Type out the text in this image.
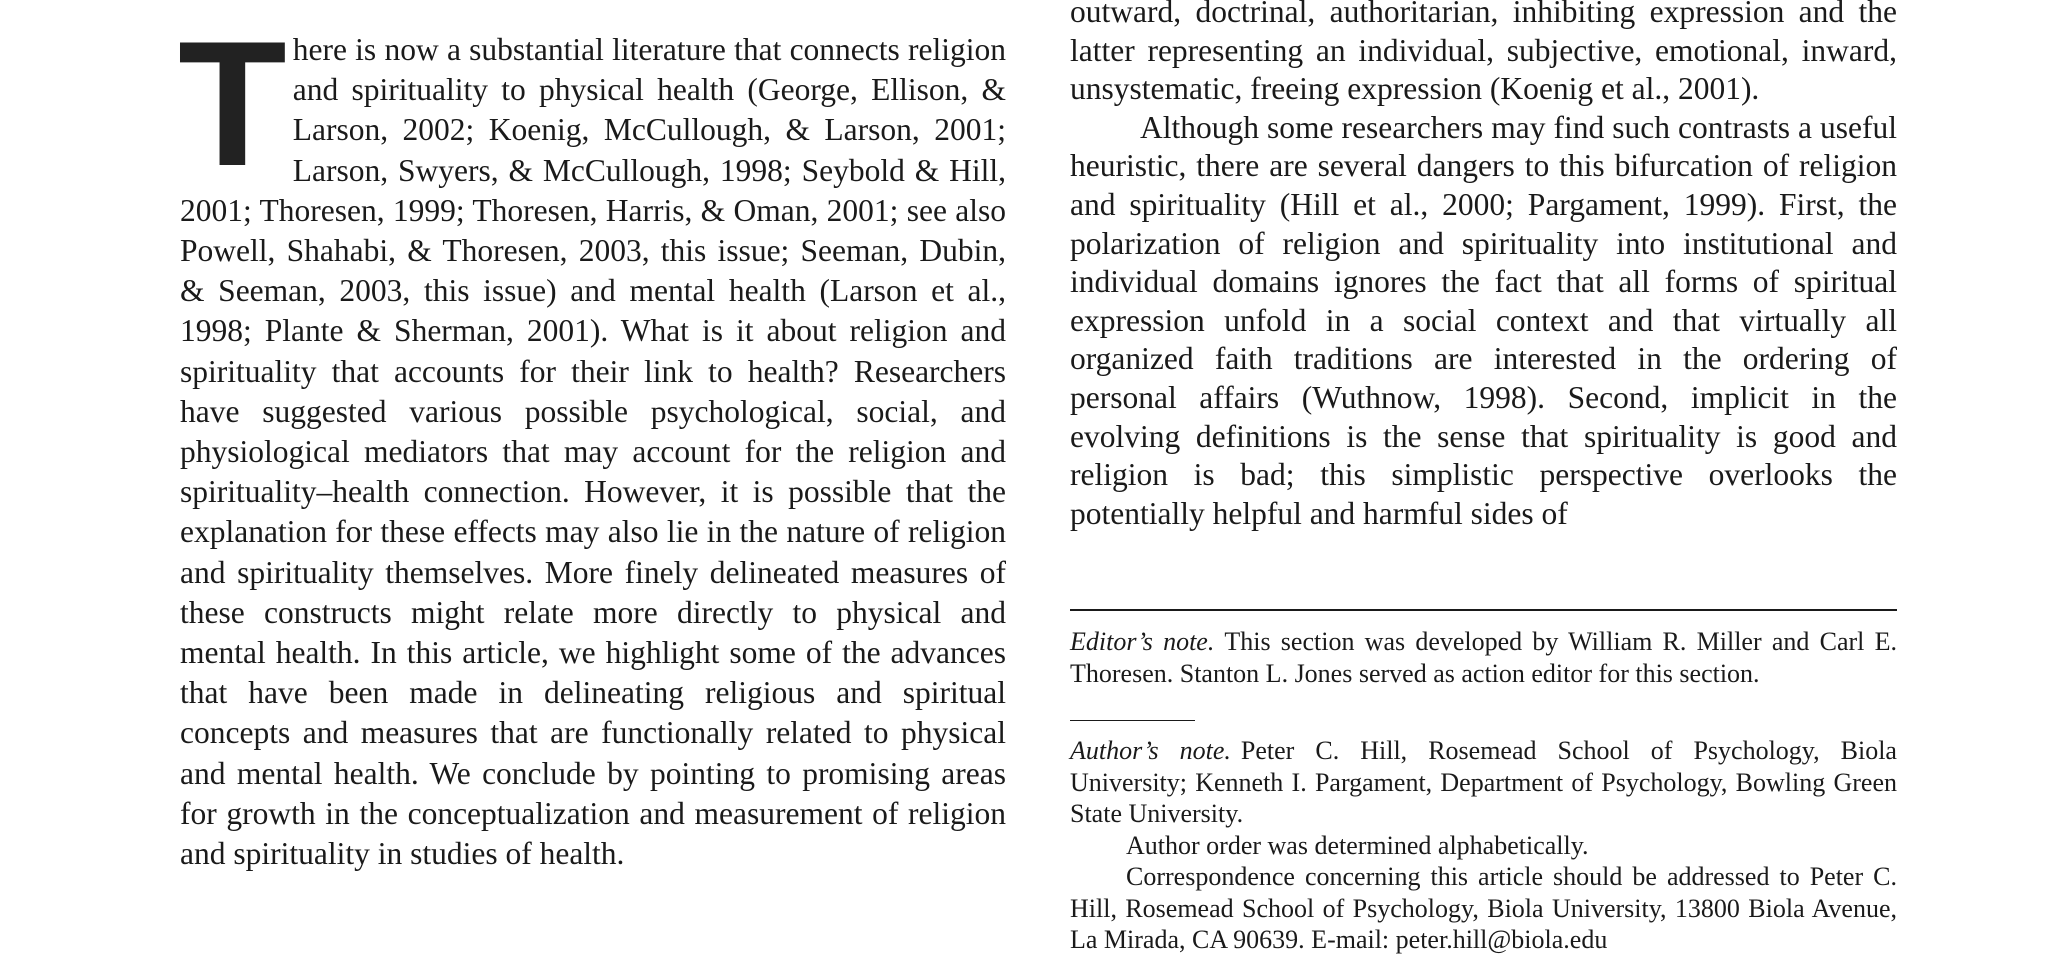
T here is now a substantial literature that connects religion and spirituality to physical health (George, Ellison, & Larson, 2002; Koenig, McCullough, & Larson, 2001; Larson, Swyers, & McCullough, 1998; Seybold & Hill, 2001; Thoresen, 1999; Thoresen, Harris, & Oman, 2001; see also Powell, Shahabi, & Thoresen, 2003, this issue; Seeman, Dubin, & Seeman, 2003, this issue) and mental health (Larson et al., 1998; Plante & Sherman, 2001). What is it about religion and spirituality that accounts for their link to health? Researchers have suggested various possible psychological, social, and physiological mediators that may account for the religion and spirituality–health connection. However, it is possible that the explanation for these effects may also lie in the nature of religion and spirituality themselves. More finely delineated measures of these constructs might relate more directly to physical and mental health. In this article, we highlight some of the advances that have been made in delineating religious and spiritual concepts and measures that are functionally related to physical and mental health. We conclude by pointing to promising areas for growth in the conceptualization and measurement of religion and spirituality in studies of health.

outward, doctrinal, authoritarian, inhibiting expression and the latter representing an individual, subjective, emotional, inward, unsystematic, freeing expression (Koenig et al., 2001).

Although some researchers may find such contrasts a useful heuristic, there are several dangers to this bifurcation of religion and spirituality (Hill et al., 2000; Pargament, 1999). First, the polarization of religion and spirituality into institutional and individual domains ignores the fact that all forms of spiritual expression unfold in a social context and that virtually all organized faith traditions are interested in the ordering of personal affairs (Wuthnow, 1998). Second, implicit in the evolving definitions is the sense that spirituality is good and religion is bad; this simplistic perspective overlooks the potentially helpful and harmful sides of

Editor’s note. This section was developed by William R. Miller and Carl E. Thoresen. Stanton L. Jones served as action editor for this section.

Author’s note. Peter C. Hill, Rosemead School of Psychology, Biola University; Kenneth I. Pargament, Department of Psychology, Bowling Green State University.

Author order was determined alphabetically.

Correspondence concerning this article should be addressed to Peter C. Hill, Rosemead School of Psychology, Biola University, 13800 Biola Avenue, La Mirada, CA 90639. E-mail: peter.hill@biola.edu
